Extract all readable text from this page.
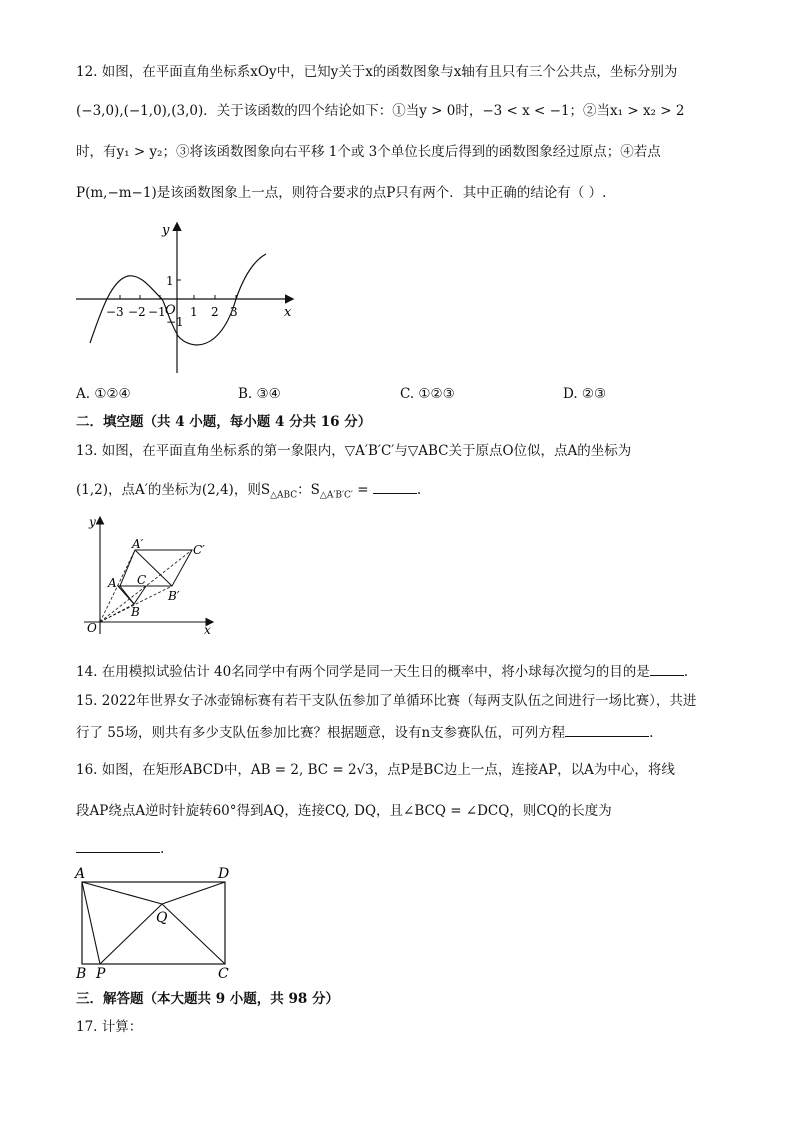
12. 如图，在平面直角坐标系xOy中，已知y关于x的函数图象与x轴有且只有三个公共点，坐标分别为
(−3,0),(−1,0),(3,0)．关于该函数的四个结论如下：①当y > 0时，−3 < x < −1；②当x₁ > x₂ > 2
时，有y₁ > y₂；③将该函数图象向右平移 1个或 3个单位长度后得到的函数图象经过原点；④若点
P(m,−m−1)是该函数图象上一点，则符合要求的点P只有两个．其中正确的结论有（ ）.
y
x
O
−3 −2 −1 1 2 3
1
−1
A. ①②④	B. ③④	C. ①②③	D. ②③
二．填空题（共 4 小题，每小题 4 分共 16 分）
13. 如图，在平面直角坐标系的第一象限内，▽A′B′C′与▽ABC关于原点O位似，点A的坐标为
(1,2)，点A′的坐标为(2,4)，则$S_{\triangle ABC}$：$S_{\triangle A'B'C'}$ =	.
y
x
O
A′	C′
A C
B′
B
14. 在用模拟试验估计 40名同学中有两个同学是同一天生日的概率中，将小球每次搅匀的目的是	.
15. 2022年世界女子冰壶锦标赛有若干支队伍参加了单循环比赛（每两支队伍之间进行一场比赛），共进
行了 55场，则共有多少支队伍参加比赛？根据题意，设有n支参赛队伍，可列方程	.
16. 如图，在矩形ABCD中，AB = 2, BC = 2√3，点P是BC边上一点，连接AP，以A为中心，将线
段AP绕点A逆时针旋转60°得到AQ，连接CQ, DQ，且∠BCQ = ∠DCQ，则CQ的长度为
.
A	D
Q
B P	C
三．解答题（本大题共 9 小题，共 98 分）
17. 计算：
